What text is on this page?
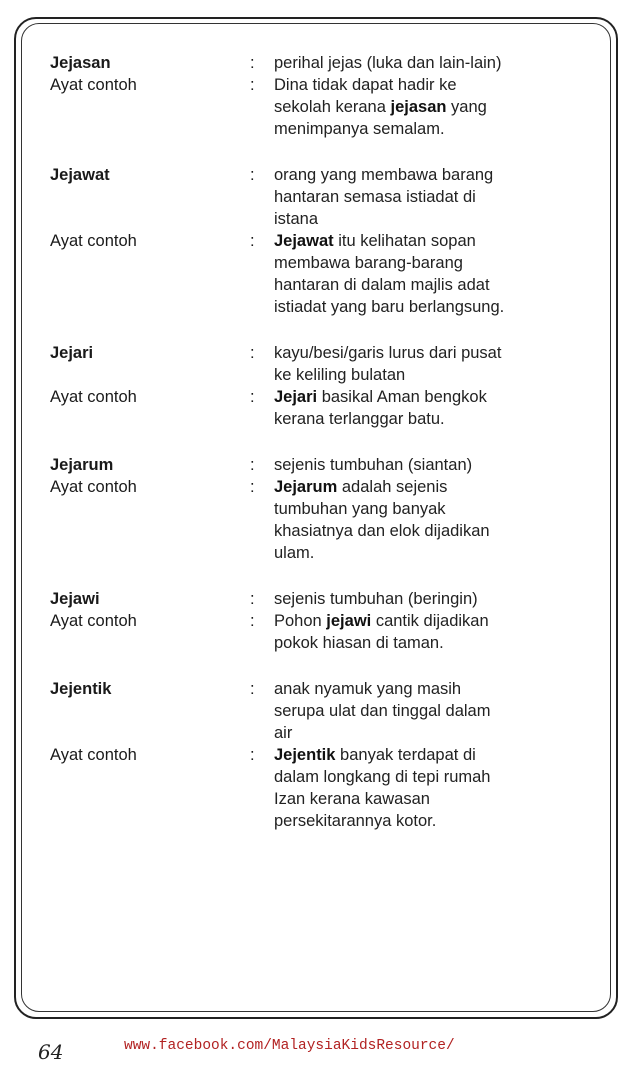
Jejasan	:	perihal jejas (luka dan lain-lain)
Ayat contoh	:	Dina tidak dapat hadir ke
sekolah kerana jejasan yang
menimpanya semalam.
Jejawat	:	orang yang membawa barang
hantaran semasa istiadat di
istana
Ayat contoh	:	Jejawat itu kelihatan sopan
membawa barang-barang
hantaran di dalam majlis adat
istiadat yang baru berlangsung.
Jejari	:	kayu/besi/garis lurus dari pusat
ke keliling bulatan
Ayat contoh	:	Jejari basikal Aman bengkok
kerana terlanggar batu.
Jejarum	:	sejenis tumbuhan (siantan)
Ayat contoh	:	Jejarum adalah sejenis
tumbuhan yang banyak
khasiatnya dan elok dijadikan
ulam.
Jejawi	:	sejenis tumbuhan (beringin)
Ayat contoh	:	Pohon jejawi cantik dijadikan
pokok hiasan di taman.
Jejentik	:	anak nyamuk yang masih
serupa ulat dan tinggal dalam
air
Ayat contoh	:	Jejentik banyak terdapat di
dalam longkang di tepi rumah
Izan kerana kawasan
persekitarannya kotor.
64	www.facebook.com/MalaysiaKidsResource/
